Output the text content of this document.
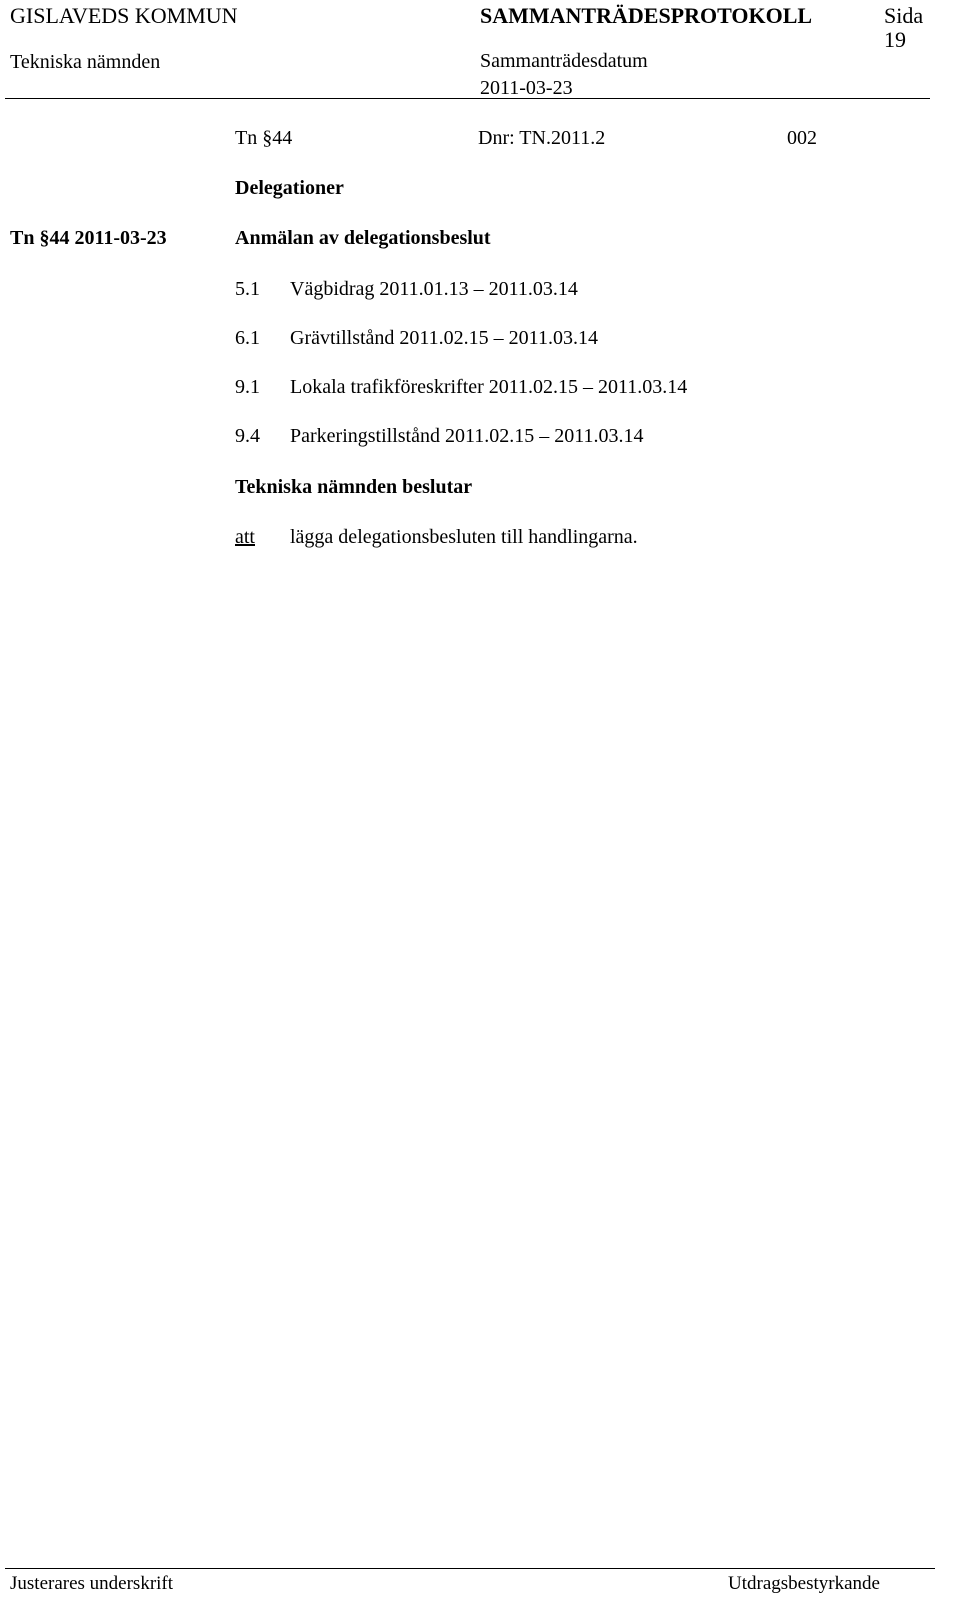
GISLAVEDS KOMMUN	SAMMANTRÄDESPROTOKOLL	Sida
19
Tekniska nämnden	Sammanträdesdatum
2011-03-23
Tn §44	Dnr: TN.2011.2	002
Delegationer
Tn §44 2011-03-23	Anmälan av delegationsbeslut
5.1 Vägbidrag 2011.01.13 – 2011.03.14
6.1 Grävtillstånd 2011.02.15 – 2011.03.14
9.1 Lokala trafikföreskrifter 2011.02.15 – 2011.03.14
9.4 Parkeringstillstånd 2011.02.15 – 2011.03.14
Tekniska nämnden beslutar
att lägga delegationsbesluten till handlingarna.
Justerares underskrift	Utdragsbestyrkande
